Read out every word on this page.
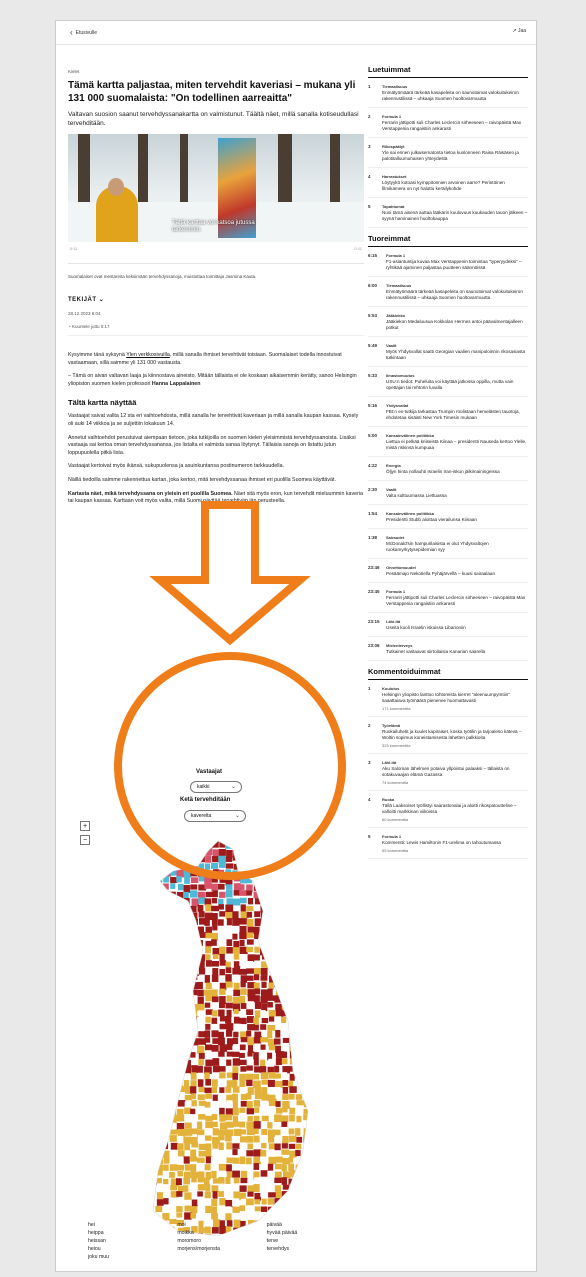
‹ Etusivulle	↗ Jaa
Kielet
Tämä kartta paljastaa, miten tervehdit kaveriasi – mukana yli 131 000 suomalaista: "On todellinen aarreaitta"
Valtavan suosion saanut tervehdyssanakartta on valmistunut. Täältä näet, millä sanalla kotiseudullasi tervehditään.
Tältä karttaa voi katsoa jutussa tarkemmin.
0:11	-0:11
Suomalaiset ovat mestareita keksimään tervehdyssanoja, muistuttaa toimittaja Jasmina Kauta.
TEKIJÄT ⌄
28.12.2023 6:04
◔ Kuuntele juttu 0:17

Kysyimme tänä syksynä Ylen verkkosivuilla, millä sanalla ihmiset tervehtivät toisiaan. Suomalaiset todella innostuivat vastaamaan, sillä saimme yli 131 000 vastausta.

– Tämä on aivan valtavan laaja ja kiinnostava aineisto. Mitään tällaista ei ole koskaan aikaisemmin kerätty, sanoo Helsingin yliopiston suomen kielen professori Hanna Lappalainen

Tältä kartta näyttää

Vastaajat saivat valita 12 sta eri vaihtoehdosta, millä sanalla he tervehtivät kaveriaan ja millä sanalla kaupan kassaa. Kysely oli auki 14 viikkoa ja se suljettiin lokakuun 14.

Annetut vaihtoehdot perustuivat aiempaan tietoon, joka tutkijoilla on suomen kielen yleisimmistä tervehdyssanoista. Lisäksi vastaaja sai kertoa oman tervehdyssanansa, jos listalta ei valmista sanaa löytynyt. Tällaisia sanoja on listattu jutun loppupuolella pitkä lista.

Vastaajat kertoivat myös ikänsä, sukupuolensa ja asuinkuntansa postinumeron tarkkuudella.

Näillä tiedoilla saimme rakennettua kartan, joka kertoo, mitä tervehdyssanaa ihmiset eri puolilla Suomea käyttävät.

Kartasta näet, mikä tervehdyssana on yleisin eri puolilla Suomea. Näet sitä myös eron, kun tervehdit mieluummin kaveria tai kaupan kassaa. Karttaan voit myös valita, millä Suomi näyttää tervehtivän iän perusteella.

Vastaajat
kaikki	⌄
Ketä tervehditään
kavereita	⌄
+
−
hei	moi	päivää
heippa	moikka	hyvää päivää
heissan	moromoro	terve
heiou	morjens/morjensta	tervehdys
joku muu
Luetuimmat
1	Tiemaailsuus
Enmätyömäärä tärkeää kasapeleita on saunotoimat valokuitukeiron rakennustilissä – uhkaaja Suomen huoltovarmuutta
2	Formula 1
Ferrarin jättipotti suli Charles Leclercin sirheeseen – raivopäistä Max Verstappenia rangaistiin ankarasti
3	Rikospäälyt
Yle sai ennen julkaisematonta tietoa kuolonneen Raisa Räisäsen ja palotitalluumuhaisen yhteydestä
4	Harrastukset
Löytyykö kotoasi kymppitonnien arvoinen aarre? Perintöinen filmikamera on nyt haluttu keräilykohde
5	Tapahtumat
Nuoi tämä aisenä auttaa lääkärin kuuluvuus kuukauden tauon jälkeen – syynä harvinainen huoltokauppa
Tuoreimmat
6:15	Formula 1
F1-asiantuntija kuvaa Max Verstappenin toimintaa "typeryydeksi" – ryhtikää ajaminen paljastaa puutteen säännöissä
6:00	Tiemaailsuus
Enmätyömäärä tärkeää kasapeleita on saunotoimat valokuitukeiron rakennustilissä – uhkaaja Suomen huoltovarmuutta
5:53	Jääkiekko
Jääkiekon Medaluusua Kokkolan Hermes antoi päävalmentajalleen potkut
5:49	Vaalit
Myös Yhdysvallat saatti Georgian vaalien manipuloinnin rikosasiasta tutkintaan
5:33	Ilmastomuutos
USU:n tiedot: Puheluita voi käyttää jatkossa oppilla, mutta vain opettajan tai rehtorin luvalla
5:16	Yhdysvallat
FBI:n ex-tutkija tarkastaa Trumpin roolistaan hemelästen tauotoja, ehdotetaa sisäisti New York Timesin mukaan
5:00	Kansainvälinen politiikka
Liettua ei pelkää kriiseistä Kiinaa – presidentti Nauseda kertoo Ylelle, mistä riskinsä kumpuaa
4:22	Energia
Öljyn hinta nollauhti Israelin Iran-iskun jälkimainingeissa
2:30	Vaalit
Valta sulttuumassa Liettuassa
1:54	Kansainvälinen politiikka
Presidentti Stubb aloittaa vierailunsa Kiinaan
1:38	Sairaudet
McDonald'sin hampurilaisista ei olut Yhdysvaltojen ruokamyrkytysepidemian syy
23:46	Onnettomuudet
Pesäämajo Nekotiella Pyhäjärvellä – kuusi sairaalaan
23:45	Formula 1
Ferrarin jättipotti suli Charles Leclercin sirheeseen – raivopäistä Max Verstappenia rangaistiin ankarasti
23:15	Lähi-itä
Useita kuoli Israelin iskuissa Libanoniin
23:06	Mielenterveys
Tutkainet vastaavat siirtoilaisia Kanarian saarella
Kommentoiduimmat
1	Koulutus
Helsingin yliopisto lanttoo tohtoreista kierret "aleenuumpymtiin" saaattaiava työmäärä pienenee huomattavasti
171 kommenttia
2	Työelämä
Ruokailuhetit ja kuulet kapiraiset, koska työtilin ja tarjoaleso kätevä – Woltin sopimus koneistamisesta lähetten palkkioita
325 kommenttia
3	Lähi-itä
Aku Saloman lähelmen potaiva yllpoistui palaaksi – tällaista on sotakuvaajan elämä Gazassa
74 kommenttia
4	Ruoka
Tällä Laaksoiset työllistyi saarastonalai ja aloitti rikospatoutteline – valloitti markkinan viikoissa
60 kommenttia
5	Formula 1
Kommentti: Lewis Hamiltonin F1-urelima on tahoutumassa
55 kommenttia
